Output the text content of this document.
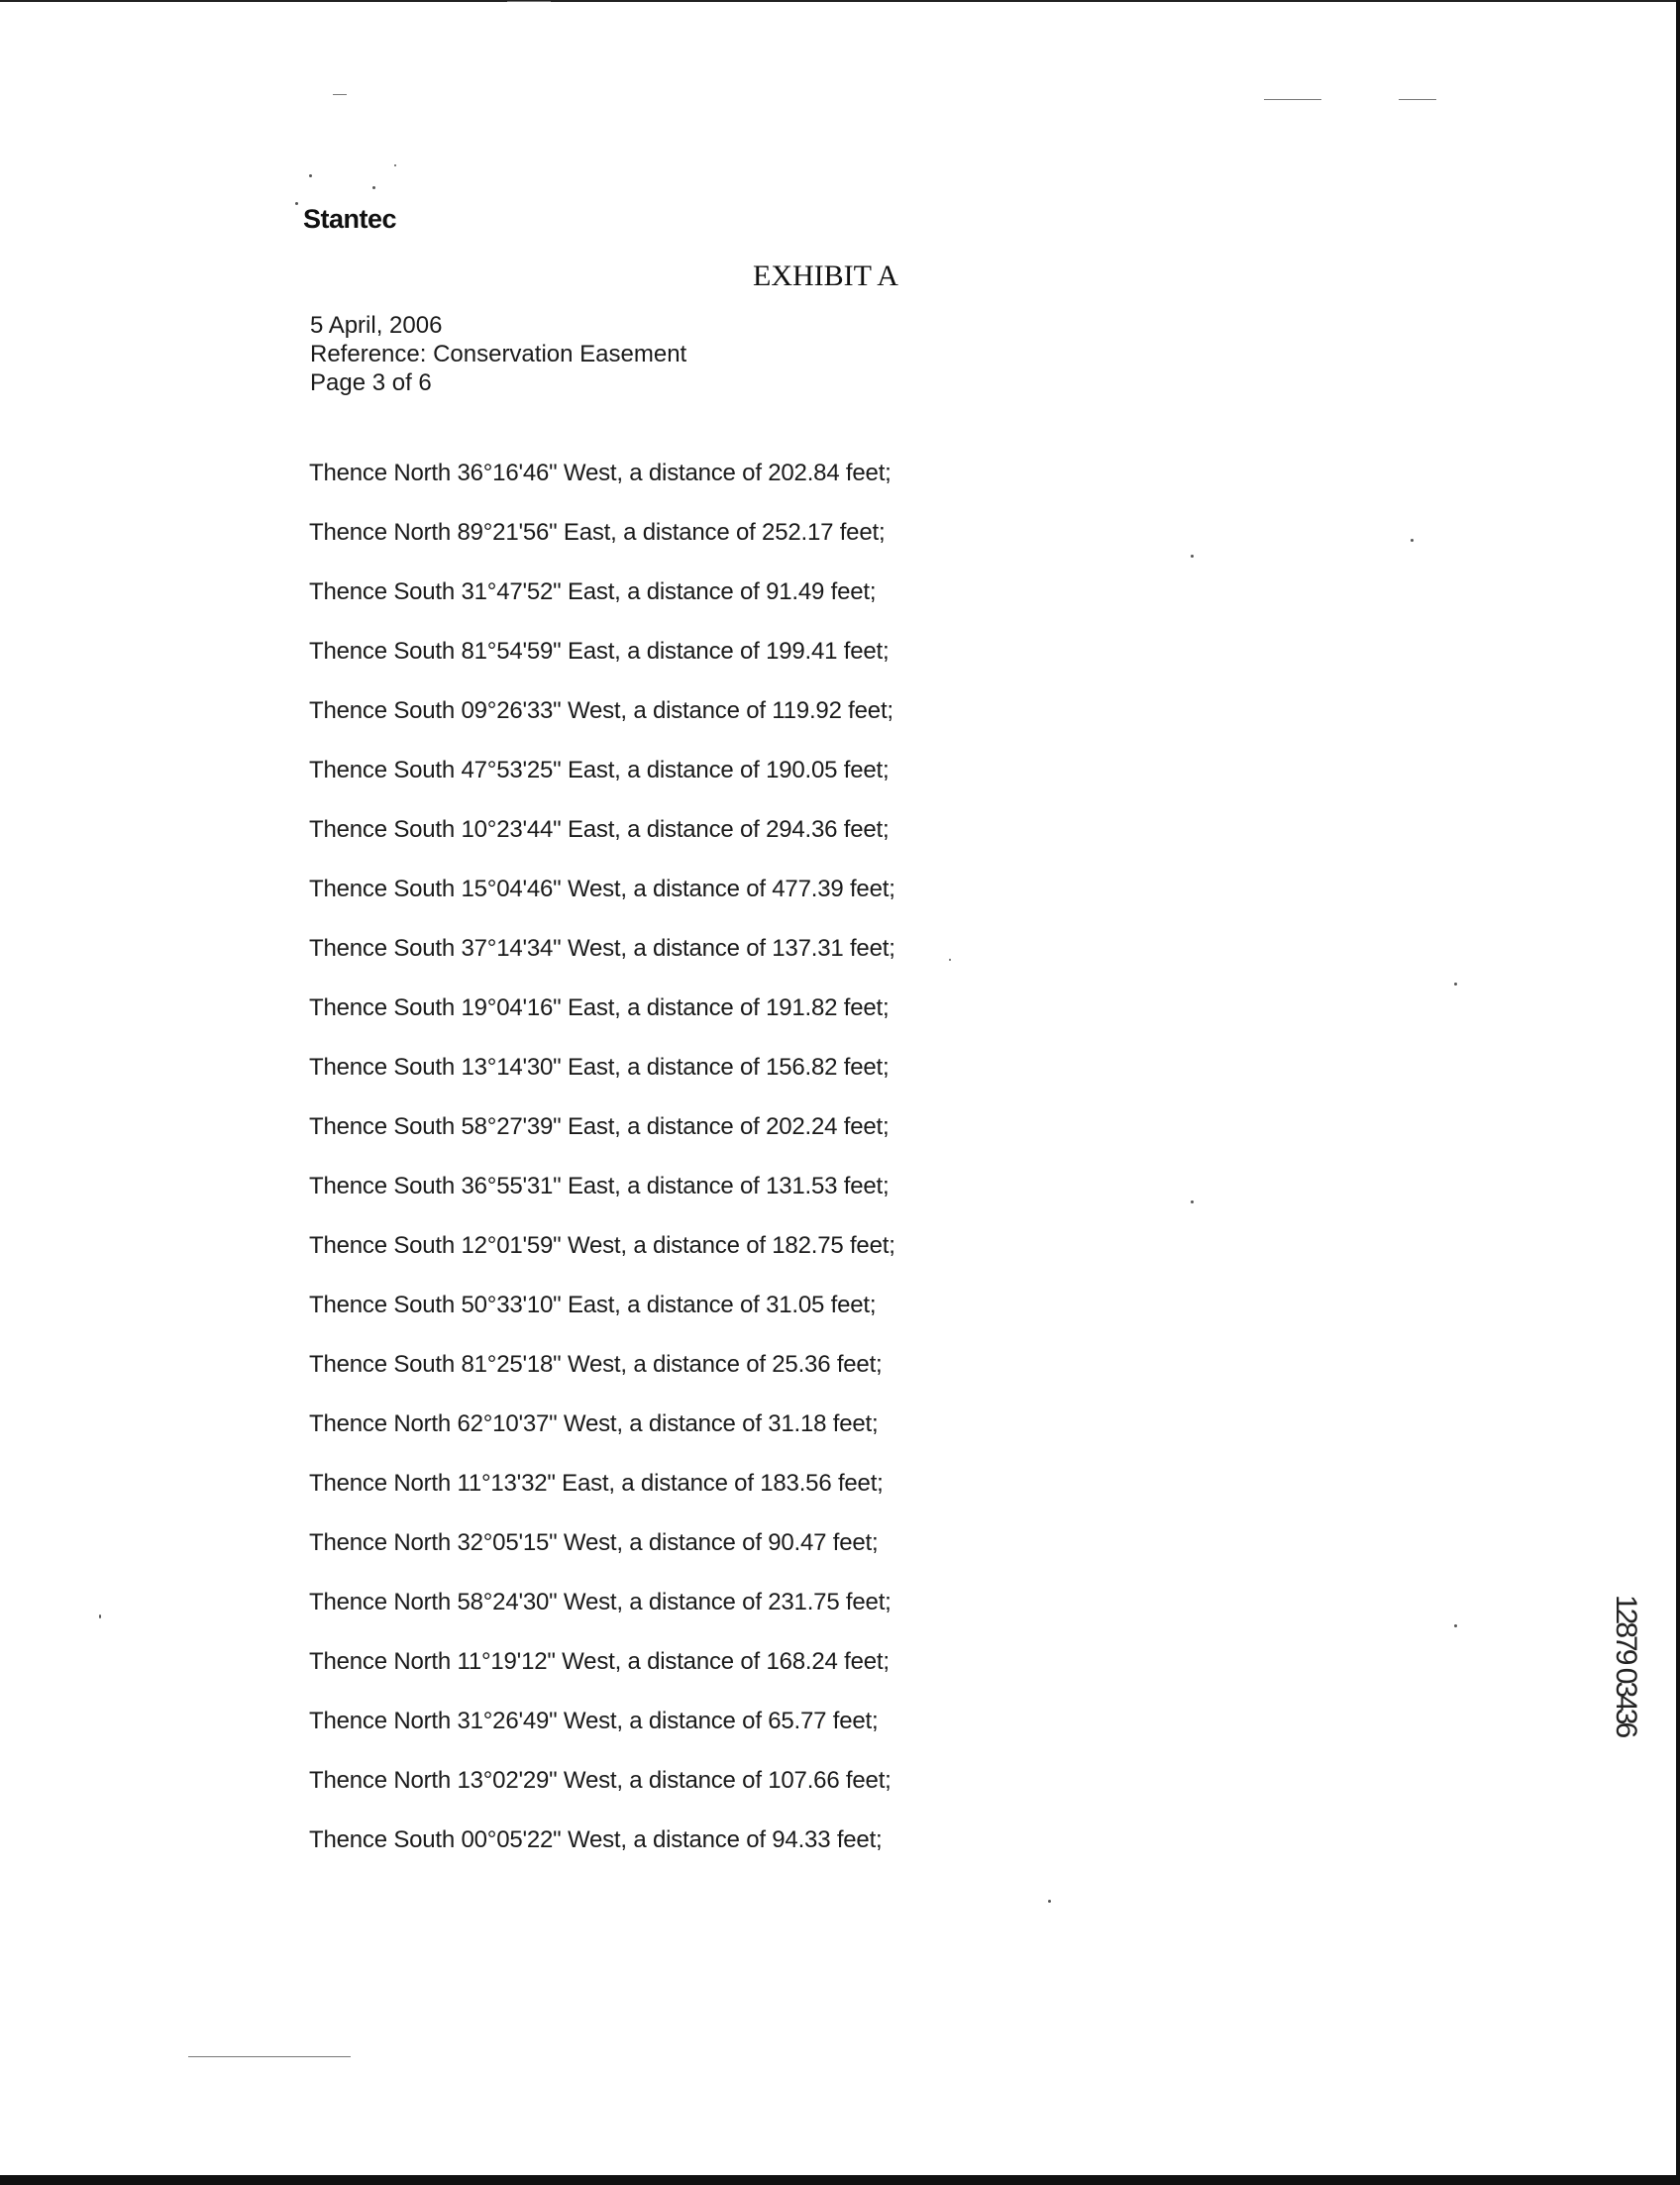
Stantec
EXHIBIT A
5 April, 2006
Reference: Conservation Easement
Page 3 of 6
Thence North 36°16'46" West, a distance of 202.84 feet;
Thence North 89°21'56" East, a distance of 252.17 feet;
Thence South 31°47'52" East, a distance of 91.49 feet;
Thence South 81°54'59" East, a distance of 199.41 feet;
Thence South 09°26'33" West, a distance of 119.92 feet;
Thence South 47°53'25" East, a distance of 190.05 feet;
Thence South 10°23'44" East, a distance of 294.36 feet;
Thence South 15°04'46" West, a distance of 477.39 feet;
Thence South 37°14'34" West, a distance of 137.31 feet;
Thence South 19°04'16" East, a distance of 191.82 feet;
Thence South 13°14'30" East, a distance of 156.82 feet;
Thence South 58°27'39" East, a distance of 202.24 feet;
Thence South 36°55'31" East, a distance of 131.53 feet;
Thence South 12°01'59" West, a distance of 182.75 feet;
Thence South 50°33'10" East, a distance of 31.05 feet;
Thence South 81°25'18" West, a distance of 25.36 feet;
Thence North 62°10'37" West, a distance of 31.18 feet;
Thence North 11°13'32" East, a distance of 183.56 feet;
Thence North 32°05'15" West, a distance of 90.47 feet;
Thence North 58°24'30" West, a distance of 231.75 feet;
Thence North 11°19'12" West, a distance of 168.24 feet;
Thence North 31°26'49" West, a distance of 65.77 feet;
Thence North 13°02'29" West, a distance of 107.66 feet;
Thence South 00°05'22" West, a distance of 94.33 feet;
12879 03436
